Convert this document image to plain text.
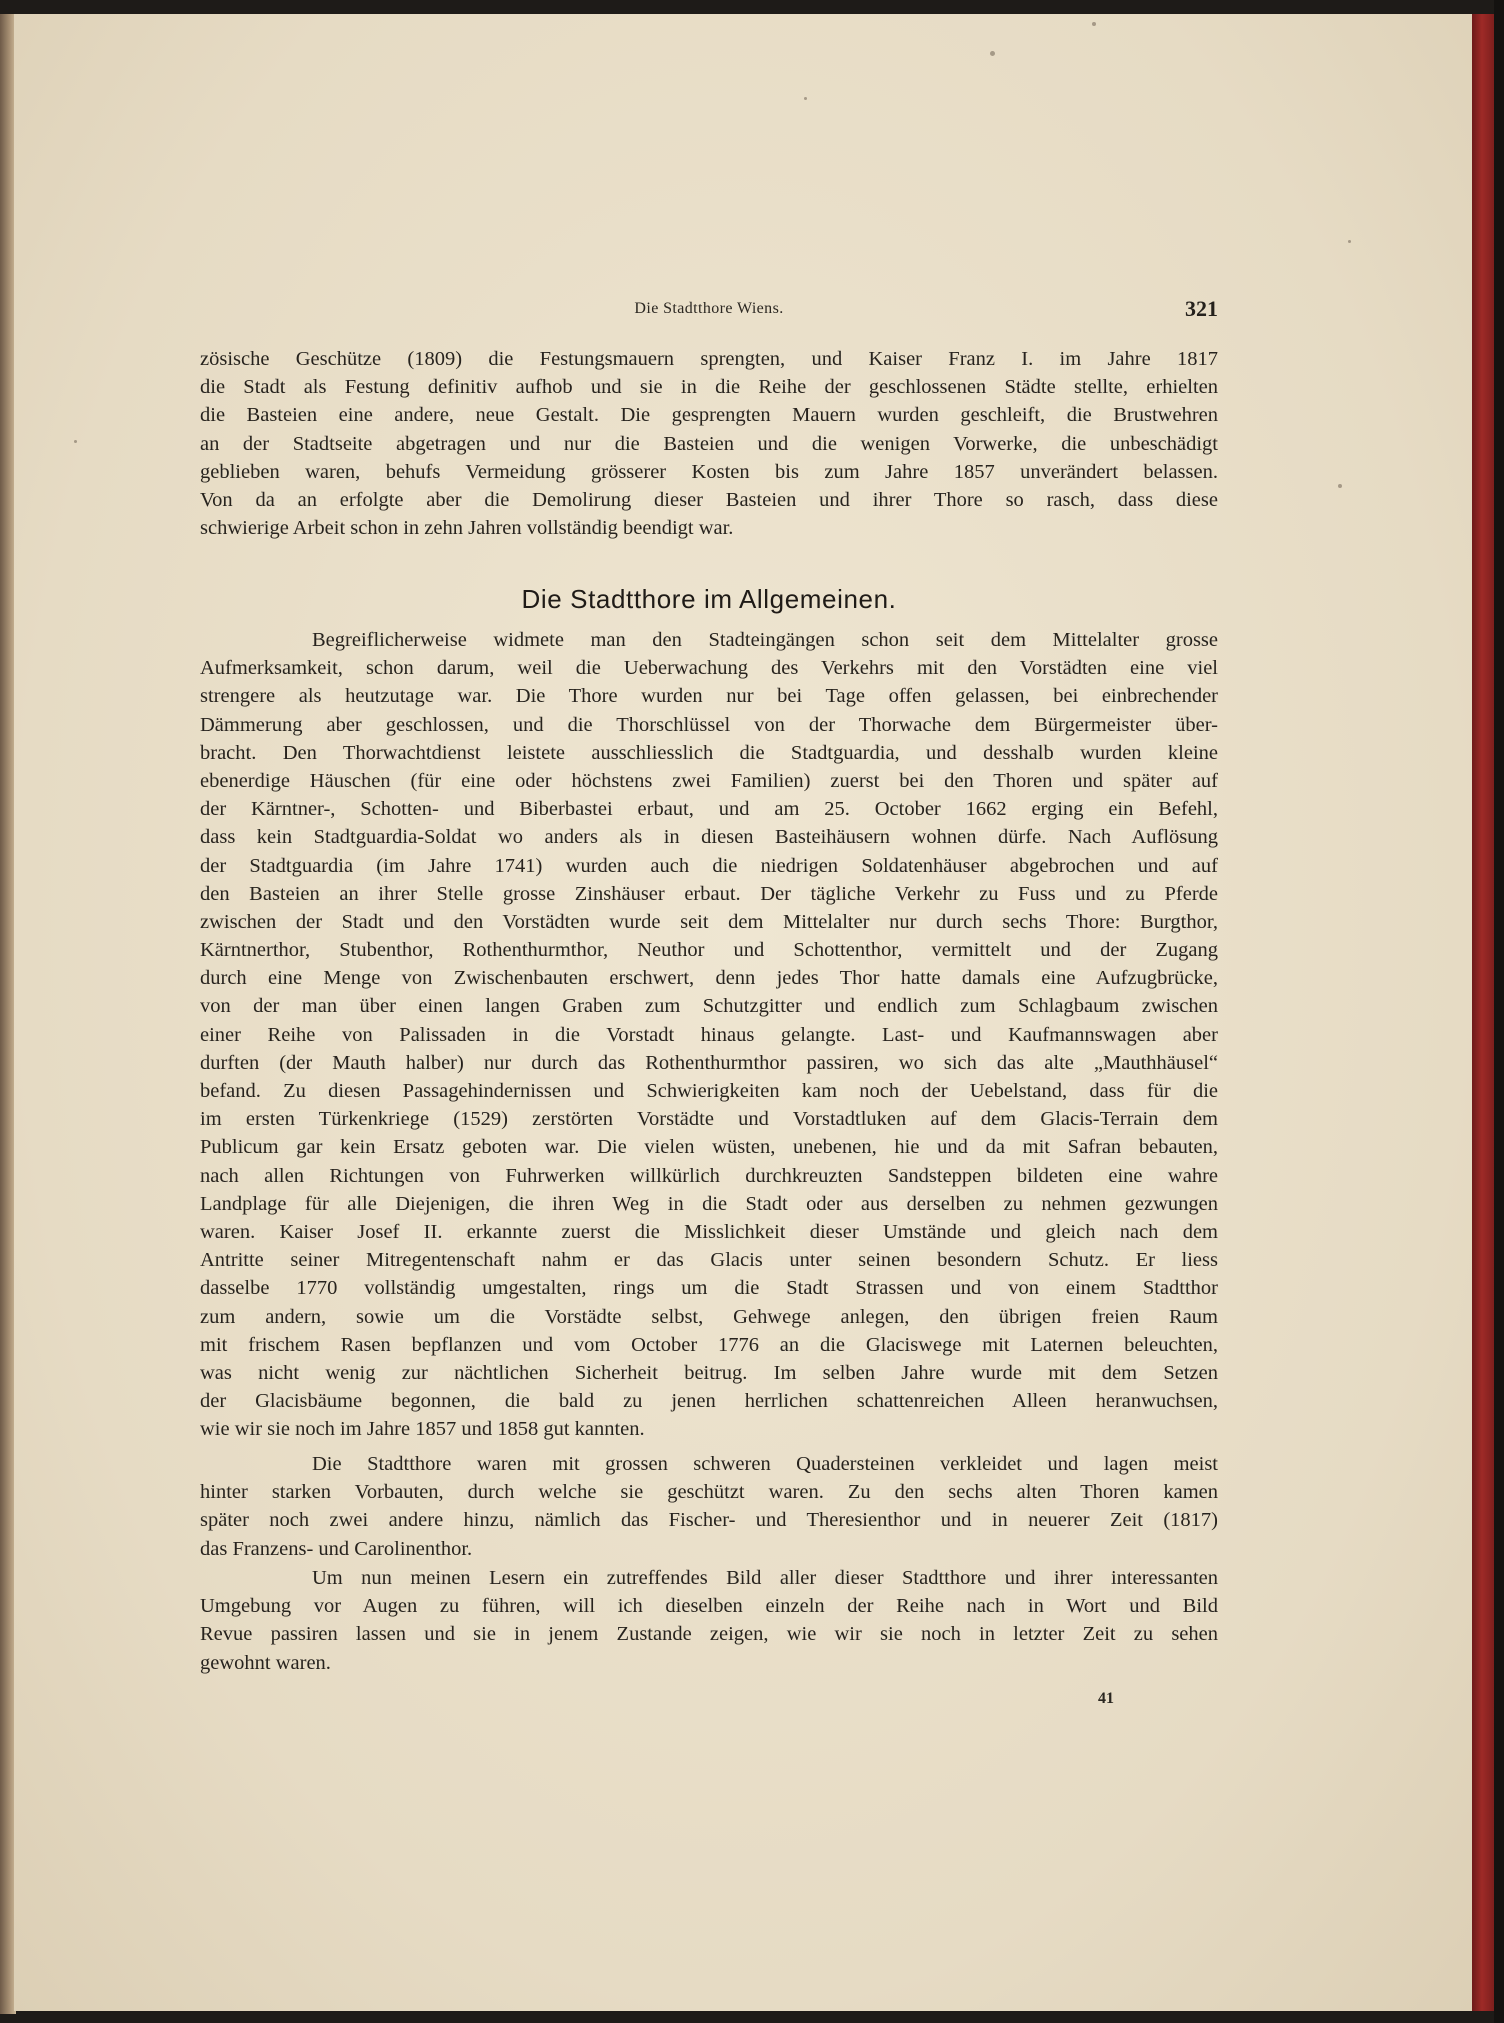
Die Stadtthore Wiens.	321
zösische Geschütze (1809) die Festungsmauern sprengten, und Kaiser Franz I. im Jahre 1817
die Stadt als Festung definitiv aufhob und sie in die Reihe der geschlossenen Städte stellte, erhielten
die Basteien eine andere, neue Gestalt. Die gesprengten Mauern wurden geschleift, die Brustwehren
an der Stadtseite abgetragen und nur die Basteien und die wenigen Vorwerke, die unbeschädigt
geblieben waren, behufs Vermeidung grösserer Kosten bis zum Jahre 1857 unverändert belassen.
Von da an erfolgte aber die Demolirung dieser Basteien und ihrer Thore so rasch, dass diese
schwierige Arbeit schon in zehn Jahren vollständig beendigt war.
Die Stadtthore im Allgemeinen.
Begreiflicherweise widmete man den Stadteingängen schon seit dem Mittelalter grosse
Aufmerksamkeit, schon darum, weil die Ueberwachung des Verkehrs mit den Vorstädten eine viel
strengere als heutzutage war. Die Thore wurden nur bei Tage offen gelassen, bei einbrechender
Dämmerung aber geschlossen, und die Thorschlüssel von der Thorwache dem Bürgermeister über-
bracht. Den Thorwachtdienst leistete ausschliesslich die Stadtguardia, und desshalb wurden kleine
ebenerdige Häuschen (für eine oder höchstens zwei Familien) zuerst bei den Thoren und später auf
der Kärntner-, Schotten- und Biberbastei erbaut, und am 25. October 1662 erging ein Befehl,
dass kein Stadtguardia-Soldat wo anders als in diesen Basteihäusern wohnen dürfe. Nach Auflösung
der Stadtguardia (im Jahre 1741) wurden auch die niedrigen Soldatenhäuser abgebrochen und auf
den Basteien an ihrer Stelle grosse Zinshäuser erbaut. Der tägliche Verkehr zu Fuss und zu Pferde
zwischen der Stadt und den Vorstädten wurde seit dem Mittelalter nur durch sechs Thore: Burgthor,
Kärntnerthor, Stubenthor, Rothenthurmthor, Neuthor und Schottenthor, vermittelt und der Zugang
durch eine Menge von Zwischenbauten erschwert, denn jedes Thor hatte damals eine Aufzugbrücke,
von der man über einen langen Graben zum Schutzgitter und endlich zum Schlagbaum zwischen
einer Reihe von Palissaden in die Vorstadt hinaus gelangte. Last- und Kaufmannswagen aber
durften (der Mauth halber) nur durch das Rothenthurmthor passiren, wo sich das alte „Mauthhäusel“
befand. Zu diesen Passagehindernissen und Schwierigkeiten kam noch der Uebelstand, dass für die
im ersten Türkenkriege (1529) zerstörten Vorstädte und Vorstadtluken auf dem Glacis-Terrain dem
Publicum gar kein Ersatz geboten war. Die vielen wüsten, unebenen, hie und da mit Safran bebauten,
nach allen Richtungen von Fuhrwerken willkürlich durchkreuzten Sandsteppen bildeten eine wahre
Landplage für alle Diejenigen, die ihren Weg in die Stadt oder aus derselben zu nehmen gezwungen
waren. Kaiser Josef II. erkannte zuerst die Misslichkeit dieser Umstände und gleich nach dem
Antritte seiner Mitregentenschaft nahm er das Glacis unter seinen besondern Schutz. Er liess
dasselbe 1770 vollständig umgestalten, rings um die Stadt Strassen und von einem Stadtthor
zum andern, sowie um die Vorstädte selbst, Gehwege anlegen, den übrigen freien Raum
mit frischem Rasen bepflanzen und vom October 1776 an die Glaciswege mit Laternen beleuchten,
was nicht wenig zur nächtlichen Sicherheit beitrug. Im selben Jahre wurde mit dem Setzen
der Glacisbäume begonnen, die bald zu jenen herrlichen schattenreichen Alleen heranwuchsen,
wie wir sie noch im Jahre 1857 und 1858 gut kannten.
Die Stadtthore waren mit grossen schweren Quadersteinen verkleidet und lagen meist
hinter starken Vorbauten, durch welche sie geschützt waren. Zu den sechs alten Thoren kamen
später noch zwei andere hinzu, nämlich das Fischer- und Theresienthor und in neuerer Zeit (1817)
das Franzens- und Carolinenthor.
Um nun meinen Lesern ein zutreffendes Bild aller dieser Stadtthore und ihrer interessanten
Umgebung vor Augen zu führen, will ich dieselben einzeln der Reihe nach in Wort und Bild
Revue passiren lassen und sie in jenem Zustande zeigen, wie wir sie noch in letzter Zeit zu sehen
gewohnt waren.
41
